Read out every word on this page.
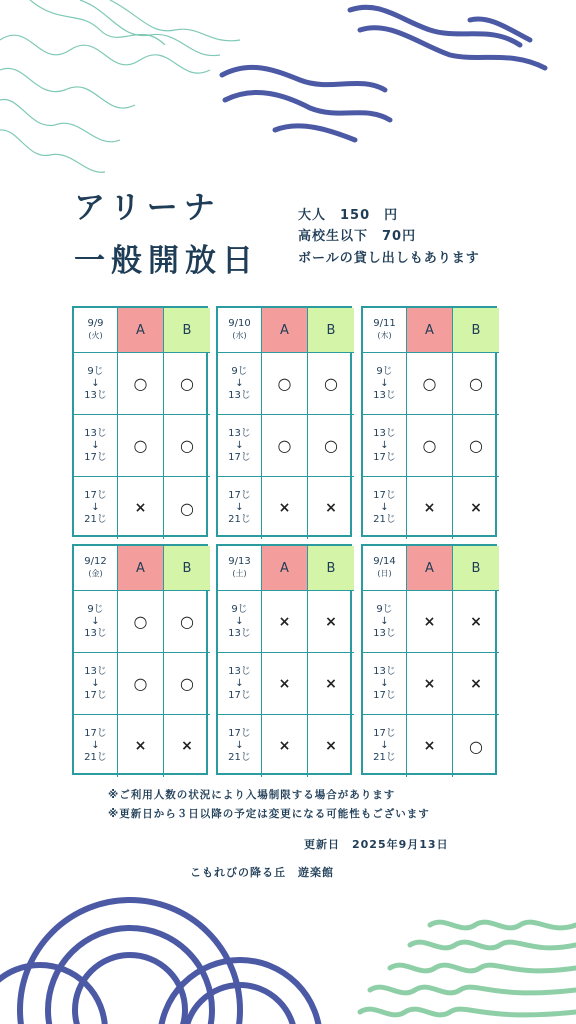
アリーナ
一般開放日
大人　150　円
高校生以下　70円
ボールの貸し出しもあります
9/9
(火)	A	B
9じ
↓
13じ
○ ○
13じ
↓
17じ
○ ○
17じ
↓
21じ
× ○
9/10
(水)	A	B
9じ
↓
13じ
○ ○
13じ
↓
17じ
○ ○
17じ
↓
21じ
× ×
9/11
(木)	A	B
9じ
↓
13じ
○ ○
13じ
↓
17じ
○ ○
17じ
↓
21じ
× ×
9/12
(金)	A	B
9じ
↓
13じ
○ ○
13じ
↓
17じ
○ ○
17じ
↓
21じ
× ×
9/13
(土)	A	B
9じ
↓
13じ
× ×
13じ
↓
17じ
× ×
17じ
↓
21じ
× ×
9/14
(日)	A	B
9じ
↓
13じ
× ×
13じ
↓
17じ
× ×
17じ
↓
21じ
× ○
※ご利用人数の状況により入場制限する場合があります
※更新日から３日以降の予定は変更になる可能性もございます
更新日　2025年9月13日
こもれびの降る丘　遊楽館
